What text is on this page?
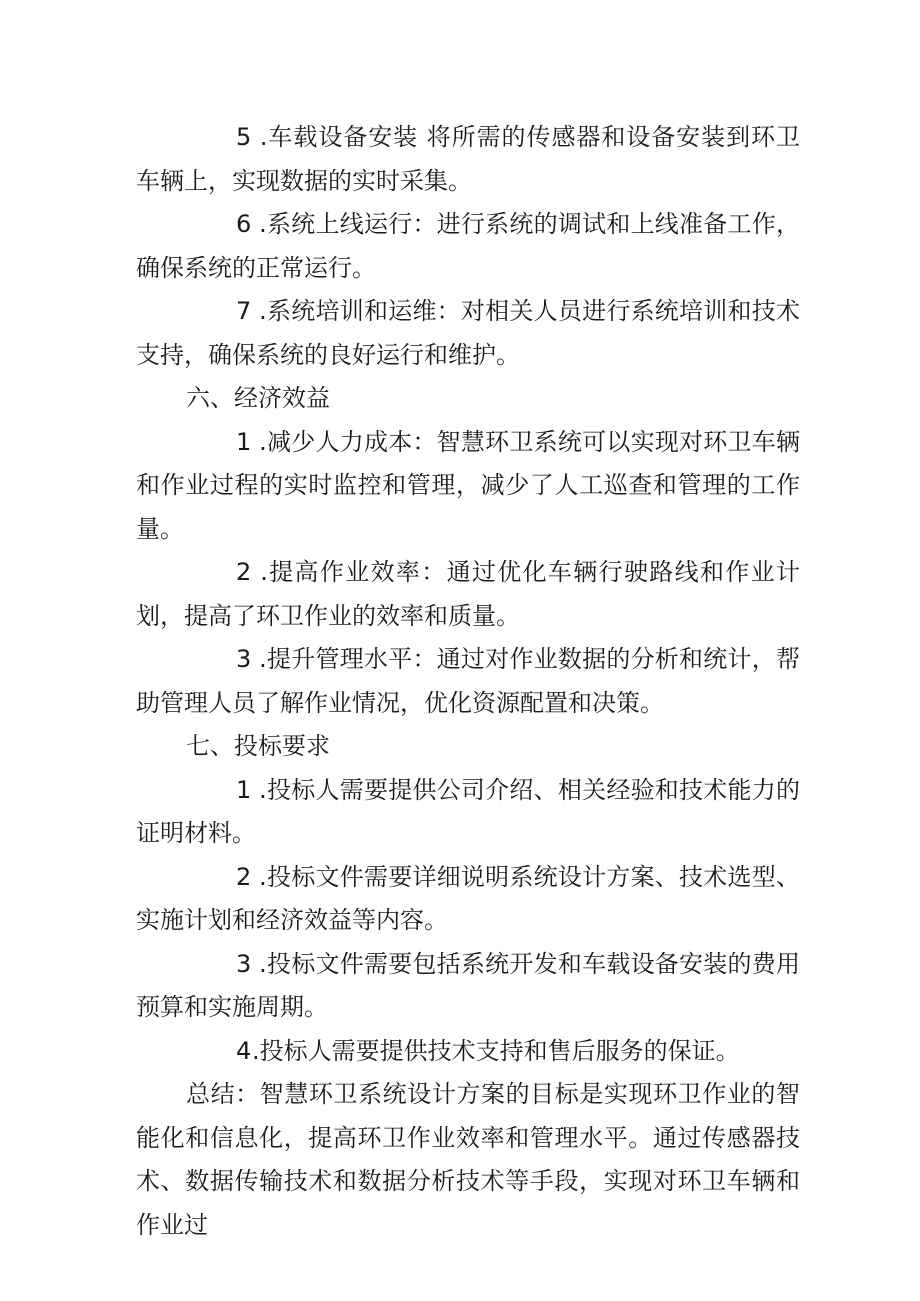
5 .车载设备安装 将所需的传感器和设备安装到环卫车辆上，实现数据的实时采集。

6 .系统上线运行：进行系统的调试和上线准备工作，确保系统的正常运行。

7 .系统培训和运维：对相关人员进行系统培训和技术支持，确保系统的良好运行和维护。

六、经济效益

1 .减少人力成本：智慧环卫系统可以实现对环卫车辆和作业过程的实时监控和管理，减少了人工巡查和管理的工作量。

2 .提高作业效率：通过优化车辆行驶路线和作业计划，提高了环卫作业的效率和质量。

3 .提升管理水平：通过对作业数据的分析和统计，帮助管理人员了解作业情况，优化资源配置和决策。

七、投标要求

1 .投标人需要提供公司介绍、相关经验和技术能力的证明材料。

2 .投标文件需要详细说明系统设计方案、技术选型、实施计划和经济效益等内容。

3 .投标文件需要包括系统开发和车载设备安装的费用预算和实施周期。

4.投标人需要提供技术支持和售后服务的保证。

总结：智慧环卫系统设计方案的目标是实现环卫作业的智能化和信息化，提高环卫作业效率和管理水平。通过传感器技术、数据传输技术和数据分析技术等手段，实现对环卫车辆和作业过
